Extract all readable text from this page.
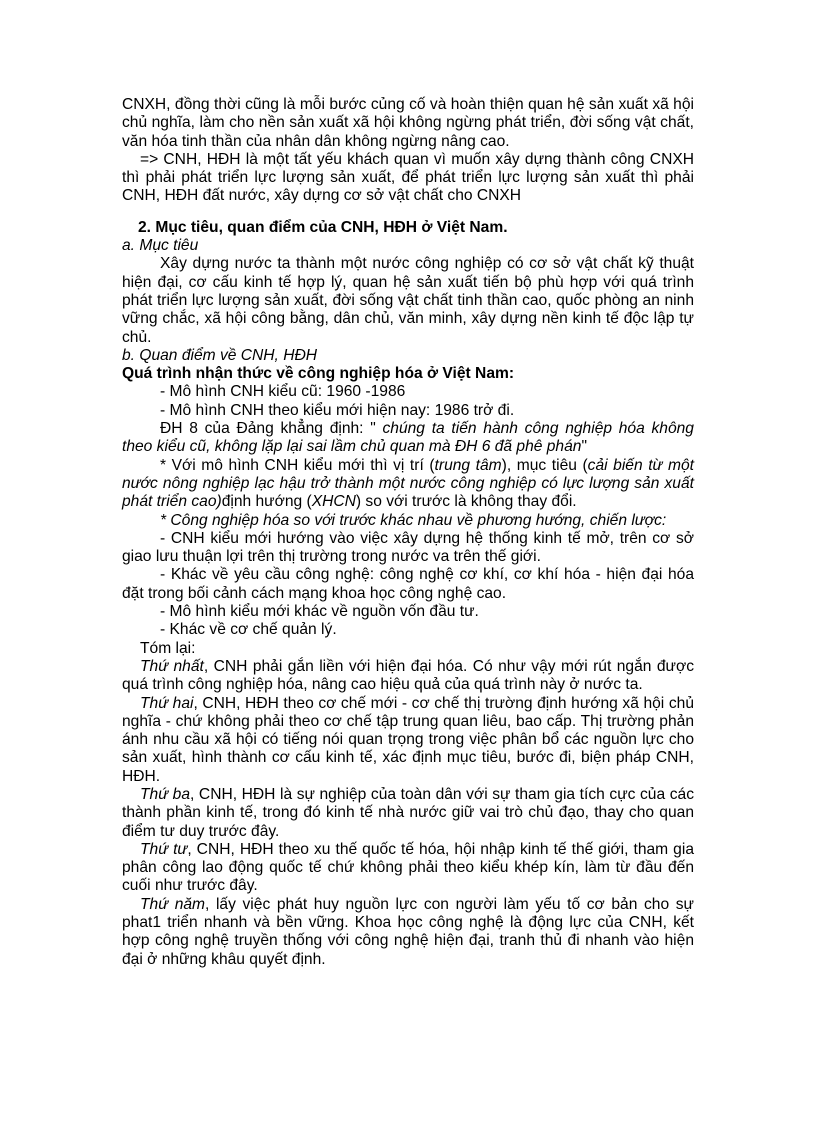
CNXH, đồng thời cũng là mỗi bước củng cố và hoàn thiện quan hệ sản xuất xã hội chủ nghĩa, làm cho nền sản xuất xã hội không ngừng phát triển, đời sống vật chất, văn hóa tinh thần của nhân dân không ngừng nâng cao.

=> CNH, HĐH là một tất yếu khách quan vì muốn xây dựng thành công CNXH thì phải phát triển lực lượng sản xuất, để phát triển lực lượng sản xuất thì phải CNH, HĐH đất nước, xây dựng cơ sở vật chất cho CNXH

2. Mục tiêu, quan điểm của CNH, HĐH ở Việt Nam.

a. Mục tiêu

Xây dựng nước ta thành một nước công nghiệp có cơ sở vật chất kỹ thuật hiện đại, cơ cấu kinh tế hợp lý, quan hệ sản xuất tiến bộ phù hợp với quá trình phát triển lực lượng sản xuất, đời sống vật chất tinh thần cao, quốc phòng an ninh vững chắc, xã hội công bằng, dân chủ, văn minh, xây dựng nền kinh tế độc lập tự chủ.

b. Quan điểm về CNH, HĐH

Quá trình nhận thức về công nghiệp hóa ở Việt Nam:

- Mô hình CNH kiểu cũ: 1960 -1986

- Mô hình CNH theo kiểu mới hiện nay: 1986 trở đi.

ĐH 8 của Đảng khẳng định: " chúng ta tiến hành công nghiệp hóa không theo kiểu cũ, không lặp lại sai lầm chủ quan mà ĐH 6 đã phê phán"

* Với mô hình CNH kiểu mới thì vị trí (trung tâm), mục tiêu (cải biến từ một nước nông nghiệp lạc hậu trở thành một nước công nghiệp có lực lượng sản xuất phát triển cao)định hướng (XHCN) so với trước là không thay đổi.

* Công nghiệp hóa so với trước khác nhau về phương hướng, chiến lược:

- CNH kiểu mới hướng vào việc xây dựng hệ thống kinh tế mở, trên cơ sở giao lưu thuận lợi trên thị trường trong nước va trên thế giới.

- Khác về yêu cầu công nghệ: công nghệ cơ khí, cơ khí hóa - hiện đại hóa đặt trong bối cảnh cách mạng khoa học công nghệ cao.

- Mô hình kiểu mới khác về nguồn vốn đầu tư.

- Khác về cơ chế quản lý.

Tóm lại:

Thứ nhất, CNH phải gắn liền với hiện đại hóa. Có như vậy mới rút ngắn được quá trình công nghiệp hóa, nâng cao hiệu quả của quá trình này ở nước ta.

Thứ hai, CNH, HĐH theo cơ chế mới - cơ chế thị trường định hướng xã hội chủ nghĩa - chứ không phải theo cơ chế tập trung quan liêu, bao cấp. Thị trường phản ánh nhu cầu xã hội có tiếng nói quan trọng trong việc phân bổ các nguồn lực cho sản xuất, hình thành cơ cấu kinh tế, xác định mục tiêu, bước đi, biện pháp CNH, HĐH.

Thứ ba, CNH, HĐH là sự nghiệp của toàn dân với sự tham gia tích cực của các thành phần kinh tế, trong đó kinh tế nhà nước giữ vai trò chủ đạo, thay cho quan điểm tư duy trước đây.

Thứ tư, CNH, HĐH theo xu thế quốc tế hóa, hội nhập kinh tế thế giới, tham gia phân công lao động quốc tế chứ không phải theo kiểu khép kín, làm từ đầu đến cuối như trước đây.

Thứ năm, lấy việc phát huy nguồn lực con người làm yếu tố cơ bản cho sự phat1 triển nhanh và bền vững. Khoa học công nghệ là động lực của CNH, kết hợp công nghệ truyền thống với công nghệ hiện đại, tranh thủ đi nhanh vào hiện đại ở những khâu quyết định.
